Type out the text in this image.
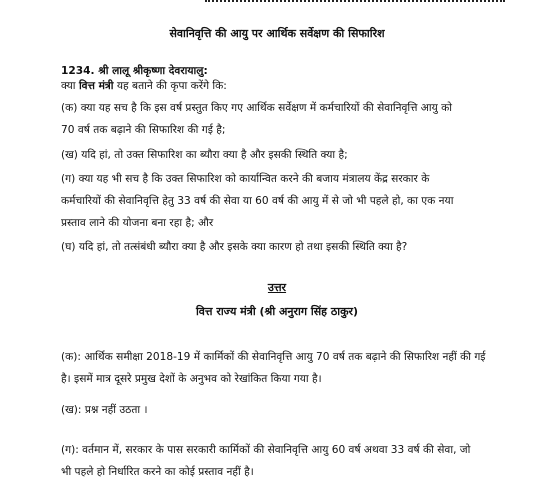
सेवानिवृत्ति की आयु पर आर्थिक सर्वेक्षण की सिफारिश
1234. श्री लालू श्रीकृष्णा देवरायालु:
क्या वित्त मंत्री यह बताने की कृपा करेंगे कि:
(क) क्या यह सच है कि इस वर्ष प्रस्तुत किए गए आर्थिक सर्वेक्षण में कर्मचारियों की सेवानिवृत्ति आयु को
70 वर्ष तक बढ़ाने की सिफारिश की गई है;
(ख) यदि हां, तो उक्त सिफारिश का ब्यौरा क्या है और इसकी स्थिति क्या है;
(ग) क्या यह भी सच है कि उक्त सिफारिश को कार्यान्वित करने की बजाय मंत्रालय केंद्र सरकार के
कर्मचारियों की सेवानिवृत्ति हेतु 33 वर्ष की सेवा या 60 वर्ष की आयु में से जो भी पहले हो, का एक नया
प्रस्ताव लाने की योजना बना रहा है; और
(घ) यदि हां, तो तत्संबंधी ब्यौरा क्या है और इसके क्या कारण हो तथा इसकी स्थिति क्या है?
उत्तर
वित्त राज्य मंत्री (श्री अनुराग सिंह ठाकुर)
(क): आर्थिक समीक्षा 2018-19 में कार्मिकों की सेवानिवृत्ति आयु 70 वर्ष तक बढ़ाने की सिफारिश नहीं की गई
है। इसमें मात्र दूसरे प्रमुख देशों के अनुभव को रेखांकित किया गया है।
(ख): प्रश्न नहीं उठता ।
(ग): वर्तमान में, सरकार के पास सरकारी कार्मिकों की सेवानिवृत्ति आयु 60 वर्ष अथवा 33 वर्ष की सेवा, जो
भी पहले हो निर्धारित करने का कोई प्रस्ताव नहीं है।
